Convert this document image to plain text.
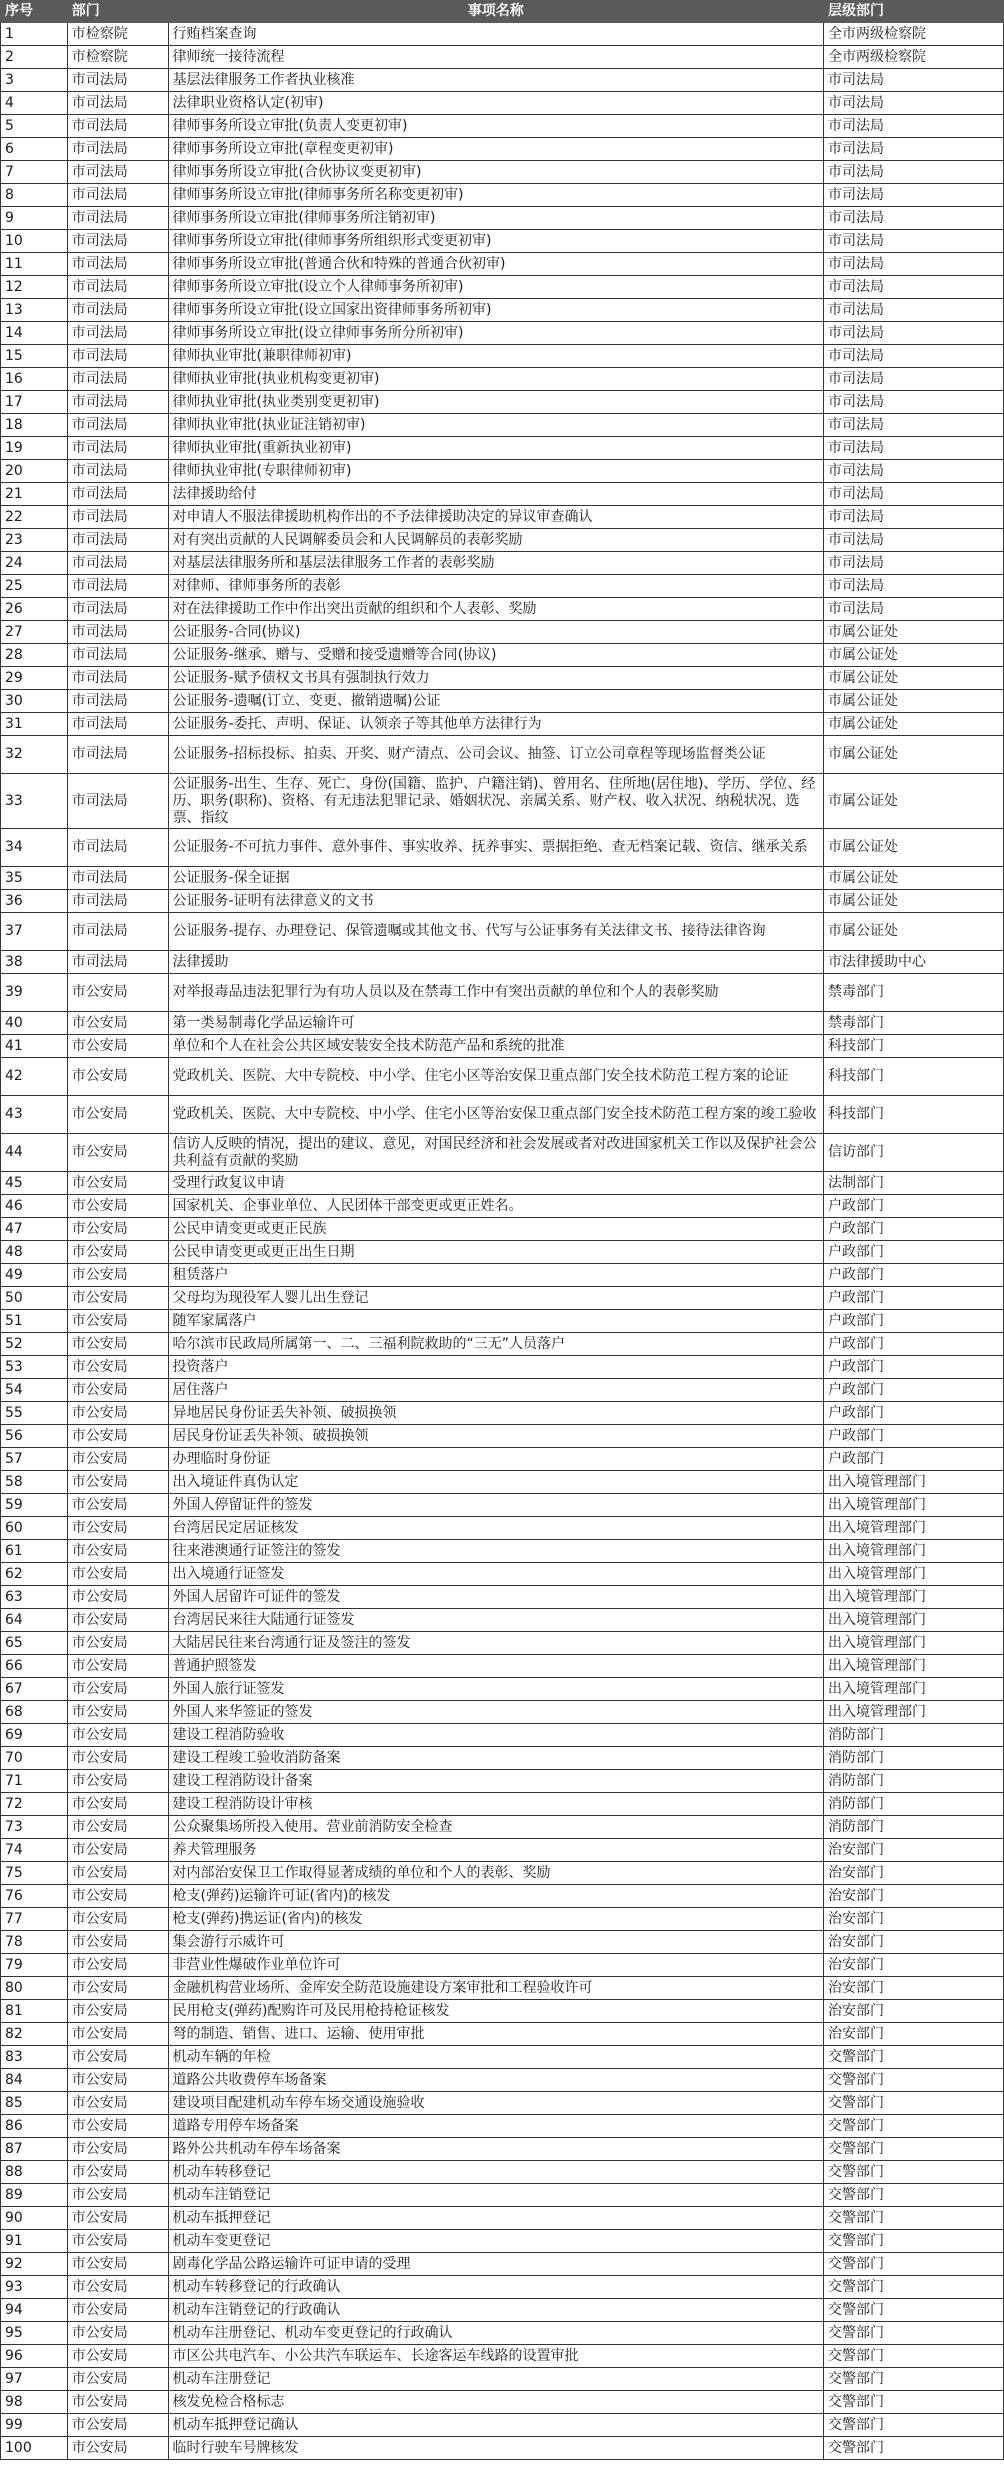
序号	部门	事项名称	层级部门
1	市检察院	行贿档案查询	全市两级检察院
2	市检察院	律师统一接待流程	全市两级检察院
3	市司法局	基层法律服务工作者执业核准	市司法局
4	市司法局	法律职业资格认定(初审)	市司法局
5	市司法局	律师事务所设立审批(负责人变更初审)	市司法局
6	市司法局	律师事务所设立审批(章程变更初审)	市司法局
7	市司法局	律师事务所设立审批(合伙协议变更初审)	市司法局
8	市司法局	律师事务所设立审批(律师事务所名称变更初审)	市司法局
9	市司法局	律师事务所设立审批(律师事务所注销初审)	市司法局
10	市司法局	律师事务所设立审批(律师事务所组织形式变更初审)	市司法局
11	市司法局	律师事务所设立审批(普通合伙和特殊的普通合伙初审)	市司法局
12	市司法局	律师事务所设立审批(设立个人律师事务所初审)	市司法局
13	市司法局	律师事务所设立审批(设立国家出资律师事务所初审)	市司法局
14	市司法局	律师事务所设立审批(设立律师事务所分所初审)	市司法局
15	市司法局	律师执业审批(兼职律师初审)	市司法局
16	市司法局	律师执业审批(执业机构变更初审)	市司法局
17	市司法局	律师执业审批(执业类别变更初审)	市司法局
18	市司法局	律师执业审批(执业证注销初审)	市司法局
19	市司法局	律师执业审批(重新执业初审)	市司法局
20	市司法局	律师执业审批(专职律师初审)	市司法局
21	市司法局	法律援助给付	市司法局
22	市司法局	对申请人不服法律援助机构作出的不予法律援助决定的异议审查确认	市司法局
23	市司法局	对有突出贡献的人民调解委员会和人民调解员的表彰奖励	市司法局
24	市司法局	对基层法律服务所和基层法律服务工作者的表彰奖励	市司法局
25	市司法局	对律师、律师事务所的表彰	市司法局
26	市司法局	对在法律援助工作中作出突出贡献的组织和个人表彰、奖励	市司法局
27	市司法局	公证服务-合同(协议)	市属公证处
28	市司法局	公证服务-继承、赠与、受赠和接受遗赠等合同(协议)	市属公证处
29	市司法局	公证服务-赋予债权文书具有强制执行效力	市属公证处
30	市司法局	公证服务-遗嘱(订立、变更、撤销遗嘱)公证	市属公证处
31	市司法局	公证服务-委托、声明、保证、认领亲子等其他单方法律行为	市属公证处
32	市司法局	公证服务-招标投标、拍卖、开奖、财产清点、公司会议、抽签、订立公司章程等现场监督类公证	市属公证处
33	市司法局	公证服务-出生、生存、死亡、身份(国籍、监护、户籍注销)、曾用名、住所地(居住地)、学历、学位、经历、职务(职称)、资格、有无违法犯罪记录、婚姻状况、亲属关系、财产权、收入状况、纳税状况、选票、指纹	市属公证处
34	市司法局	公证服务-不可抗力事件、意外事件、事实收养、抚养事实、票据拒绝、查无档案记载、资信、继承关系	市属公证处
35	市司法局	公证服务-保全证据	市属公证处
36	市司法局	公证服务-证明有法律意义的文书	市属公证处
37	市司法局	公证服务-提存、办理登记、保管遗嘱或其他文书、代写与公证事务有关法律文书、接待法律咨询	市属公证处
38	市司法局	法律援助	市法律援助中心
39	市公安局	对举报毒品违法犯罪行为有功人员以及在禁毒工作中有突出贡献的单位和个人的表彰奖励	禁毒部门
40	市公安局	第一类易制毒化学品运输许可	禁毒部门
41	市公安局	单位和个人在社会公共区域安装安全技术防范产品和系统的批准	科技部门
42	市公安局	党政机关、医院、大中专院校、中小学、住宅小区等治安保卫重点部门安全技术防范工程方案的论证	科技部门
43	市公安局	党政机关、医院、大中专院校、中小学、住宅小区等治安保卫重点部门安全技术防范工程方案的竣工验收	科技部门
44	市公安局	信访人反映的情况，提出的建议、意见，对国民经济和社会发展或者对改进国家机关工作以及保护社会公共利益有贡献的奖励	信访部门
45	市公安局	受理行政复议申请	法制部门
46	市公安局	国家机关、企事业单位、人民团体干部变更或更正姓名。	户政部门
47	市公安局	公民申请变更或更正民族	户政部门
48	市公安局	公民申请变更或更正出生日期	户政部门
49	市公安局	租赁落户	户政部门
50	市公安局	父母均为现役军人婴儿出生登记	户政部门
51	市公安局	随军家属落户	户政部门
52	市公安局	哈尔滨市民政局所属第一、二、三福利院救助的“三无”人员落户	户政部门
53	市公安局	投资落户	户政部门
54	市公安局	居住落户	户政部门
55	市公安局	异地居民身份证丢失补领、破损换领	户政部门
56	市公安局	居民身份证丢失补领、破损换领	户政部门
57	市公安局	办理临时身份证	户政部门
58	市公安局	出入境证件真伪认定	出入境管理部门
59	市公安局	外国人停留证件的签发	出入境管理部门
60	市公安局	台湾居民定居证核发	出入境管理部门
61	市公安局	往来港澳通行证签注的签发	出入境管理部门
62	市公安局	出入境通行证签发	出入境管理部门
63	市公安局	外国人居留许可证件的签发	出入境管理部门
64	市公安局	台湾居民来往大陆通行证签发	出入境管理部门
65	市公安局	大陆居民往来台湾通行证及签注的签发	出入境管理部门
66	市公安局	普通护照签发	出入境管理部门
67	市公安局	外国人旅行证签发	出入境管理部门
68	市公安局	外国人来华签证的签发	出入境管理部门
69	市公安局	建设工程消防验收	消防部门
70	市公安局	建设工程竣工验收消防备案	消防部门
71	市公安局	建设工程消防设计备案	消防部门
72	市公安局	建设工程消防设计审核	消防部门
73	市公安局	公众聚集场所投入使用、营业前消防安全检查	消防部门
74	市公安局	养犬管理服务	治安部门
75	市公安局	对内部治安保卫工作取得显著成绩的单位和个人的表彰、奖励	治安部门
76	市公安局	枪支(弹药)运输许可证(省内)的核发	治安部门
77	市公安局	枪支(弹药)携运证(省内)的核发	治安部门
78	市公安局	集会游行示威许可	治安部门
79	市公安局	非营业性爆破作业单位许可	治安部门
80	市公安局	金融机构营业场所、金库安全防范设施建设方案审批和工程验收许可	治安部门
81	市公安局	民用枪支(弹药)配购许可及民用枪持枪证核发	治安部门
82	市公安局	弩的制造、销售、进口、运输、使用审批	治安部门
83	市公安局	机动车辆的年检	交警部门
84	市公安局	道路公共收费停车场备案	交警部门
85	市公安局	建设项目配建机动车停车场交通设施验收	交警部门
86	市公安局	道路专用停车场备案	交警部门
87	市公安局	路外公共机动车停车场备案	交警部门
88	市公安局	机动车转移登记	交警部门
89	市公安局	机动车注销登记	交警部门
90	市公安局	机动车抵押登记	交警部门
91	市公安局	机动车变更登记	交警部门
92	市公安局	剧毒化学品公路运输许可证申请的受理	交警部门
93	市公安局	机动车转移登记的行政确认	交警部门
94	市公安局	机动车注销登记的行政确认	交警部门
95	市公安局	机动车注册登记、机动车变更登记的行政确认	交警部门
96	市公安局	市区公共电汽车、小公共汽车联运车、长途客运车线路的设置审批	交警部门
97	市公安局	机动车注册登记	交警部门
98	市公安局	核发免检合格标志	交警部门
99	市公安局	机动车抵押登记确认	交警部门
100	市公安局	临时行驶车号牌核发	交警部门
